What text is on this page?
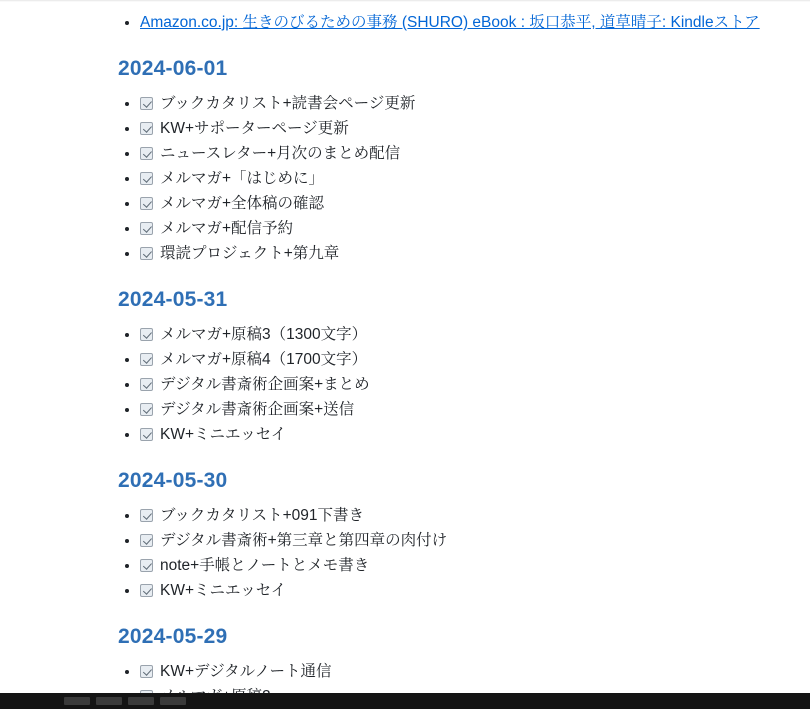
• Amazon.co.jp: 生きのびるための事務 (SHURO) eBook : 坂口恭平, 道草晴子: Kindleストア
2024-06-01
• ブックカタリスト+読書会ページ更新
• KW+サポーターページ更新
• ニュースレター+月次のまとめ配信
• メルマガ+「はじめに」
• メルマガ+全体稿の確認
• メルマガ+配信予約
• 環読プロジェクト+第九章
2024-05-31
• メルマガ+原稿3（1300文字）
• メルマガ+原稿4（1700文字）
• デジタル書斎術企画案+まとめ
• デジタル書斎術企画案+送信
• KW+ミニエッセイ
2024-05-30
• ブックカタリスト+091下書き
• デジタル書斎術+第三章と第四章の肉付け
• note+手帳とノートとメモ書き
• KW+ミニエッセイ
2024-05-29
• KW+デジタルノート通信
•
